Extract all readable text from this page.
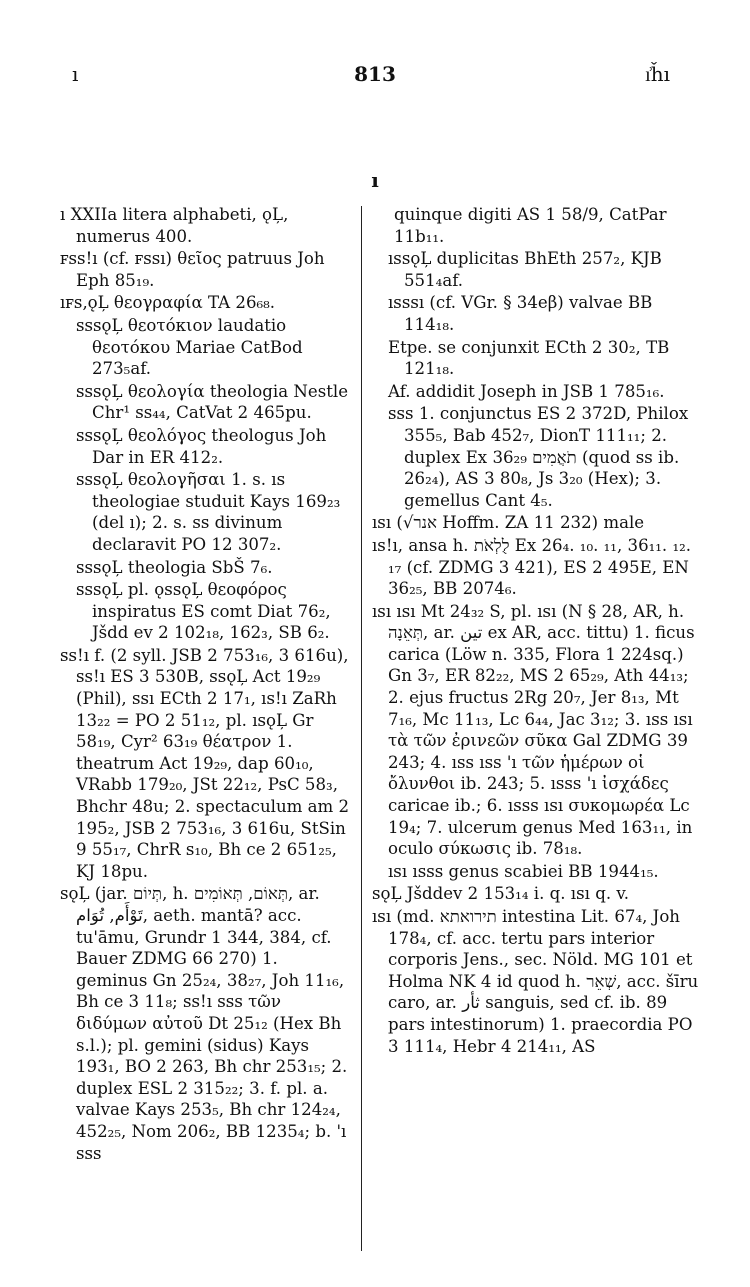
ı	813	ı͗ȟı
ı

ı XXIIa litera alphabeti, ǫĻ, numerus 400.

ꜰꜱꜱ!ı (cf. ꜰꜱꜱı) θεῖος patruus Joh Eph 85₁₉.

ıꜰꜱ‚ǫĻ θεογραφία TA 26₆₈.

ꜱꜱꜱǫĻ θεοτόκιον laudatio θεοτόκου Mariae CatBod 273₅af.

ꜱꜱꜱǫĻ θεολογία theologia Nestle Chr¹ ꜱꜱ₄₄, CatVat 2 465pu.

ꜱꜱꜱǫĻ θεολόγος theologus Joh Dar in ER 412₂.

ꜱꜱꜱǫĻ θεολογῆσαι 1. s. ıꜱ theologiae studuit Kays 169₂₃ (del ı); 2. s. ꜱꜱ divinum declaravit PO 12 307₂.

ꜱꜱꜱǫĻ theologia SbŠ 7₆.

ꜱꜱꜱǫĻ pl. ǫꜱꜱǫĻ θεοφόρος inspiratus ES comt Diat 76₂, Jšdd ev 2 102₁₈, 162₃, SB 6₂.

ꜱꜱ!ı f. (2 syll. JSB 2 753₁₆, 3 616u), ꜱꜱ!ı ES 3 530B, ꜱꜱǫĻ Act 19₂₉ (Phil), ꜱꜱı ECth 2 17₁, ıꜱ!ı ZaRh 13₂₂ = PO 2 51₁₂, pl. ıꜱǫĻ Gr 58₁₉, Cyr² 63₁₉ θέατρον 1. theatrum Act 19₂₉, dap 60₁₀, VRabb 179₂₀, JSt 22₁₂, PsC 58₃, Bhchr 48u; 2. spectaculum am 2 195₂, JSB 2 753₁₆, 3 616u, StSin 9 55₁₇, ChrR ꜱ₁₀, Bh ce 2 651₂₅, KJ 18pu.

ꜱǫĻ (jar. תְּיוֹם, h. תְּאוֹם, תְּאוֹמִים, ar. تَوْأَم, تُوَام, aeth. mantā? acc. tu'āmu, Grundr 1 344, 384, cf. Bauer ZDMG 66 270) 1. geminus Gn 25₂₄, 38₂₇, Joh 11₁₆, Bh ce 3 11₈; ꜱꜱ!ı ꜱꜱꜱ τῶν διδύμων αὐτοῦ Dt 25₁₂ (Hex Bh s.l.); pl. gemini (sidus) Kays 193₁, BO 2 263, Bh chr 253₁₅; 2. duplex ESL 2 315₂₂; 3. f. pl. a. valvae Kays 253₅, Bh chr 124₂₄, 452₂₅, Nom 206₂, BB 1235₄; b. 'ı ꜱꜱꜱ

quinque digiti AS 1 58/9, CatPar 11b₁₁.

ıꜱꜱǫĻ duplicitas BhEth 257₂, KJB 551₄af.

ıꜱꜱꜱı (cf. VGr. § 34eβ) valvae BB 114₁₈.

Etpe. se conjunxit ECth 2 30₂, TB 121₁₈.

Af. addidit Joseph in JSB 1 785₁₆.

ꜱꜱꜱ 1. conjunctus ES 2 372D, Philox 355₅, Bab 452₇, DionT 111₁₁; 2. duplex Ex 36₂₉ תֹאֲמִים (quod ꜱꜱ ib. 26₂₄), AS 3 80₈, Js 3₂₀ (Hex); 3. gemellus Cant 4₅.

ıꜱı (√אנר Hoffm. ZA 11 232) male

ıꜱ!ı, ansa h. לֻלְאֹת Ex 26₄. ₁₀. ₁₁, 36₁₁. ₁₂. ₁₇ (cf. ZDMG 3 421), ES 2 495E, EN 36₂₅, BB 2074₆.

ıꜱı ıꜱı Mt 24₃₂ S, pl. ıꜱı (N § 28, AR, h. תְּאֵנָה, ar. تين ex AR, acc. tittu) 1. ficus carica (Löw n. 335, Flora 1 224sq.) Gn 3₇, ER 82₂₂, MS 2 65₂₉, Ath 44₁₃; 2. ejus fructus 2Rg 20₇, Jer 8₁₃, Mt 7₁₆, Mc 11₁₃, Lc 6₄₄, Jac 3₁₂; 3. ıꜱꜱ ıꜱı τὰ τῶν ἐρινεῶν σῦκα Gal ZDMG 39 243; 4. ıꜱꜱ ıꜱꜱ 'ı τῶν ἡμέρων οἱ ὄλυνθοι ib. 243; 5. ıꜱꜱꜱ 'ı ἰσχάδες caricae ib.; 6. ıꜱꜱꜱ ıꜱı συκομωρέα Lc 19₄; 7. ulcerum genus Med 163₁₁, in oculo σύκωσις ib. 78₁₈.

ıꜱı ıꜱꜱꜱ genus scabiei BB 1944₁₅.

ꜱǫĻ Jšddev 2 153₁₄ i. q. ıꜱı q. v.

ıꜱı (md. תירואתא intestina Lit. 67₄, Joh 178₄, cf. acc. tertu pars interior corporis Jens., sec. Nöld. MG 101 et Holma NK 4 id quod h. שְׁאֵר, acc. šīru caro, ar. ثأر sanguis, sed cf. ib. 89 pars intestinorum) 1. praecordia PO 3 111₄, Hebr 4 214₁₁, AS
